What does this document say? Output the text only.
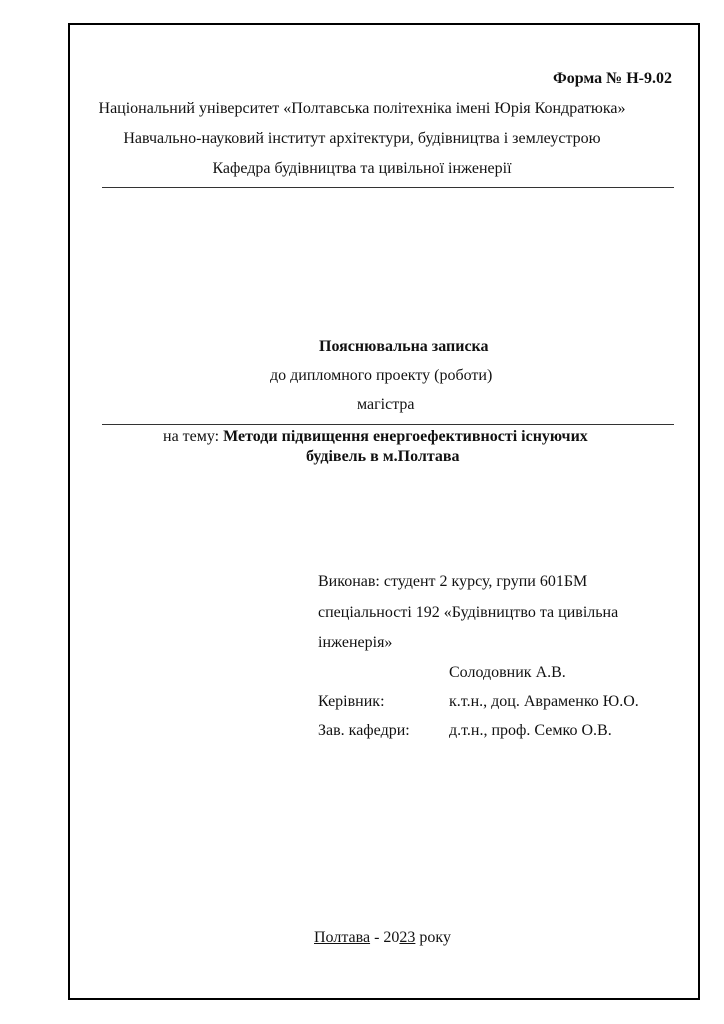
Форма № Н-9.02
Національний університет «Полтавська політехніка імені Юрія Кондратюка»
Навчально-науковий інститут архітектури, будівництва і землеустрою
Кафедра будівництва та цивільної інженерії
Пояснювальна записка
до дипломного проекту (роботи)
магістра
на тему: Методи підвищення енергоефективності існуючих
будівель в м.Полтава
Виконав: студент 2 курсу, групи 601БМ
спеціальності 192 «Будівництво та цивільна
інженерія»
Солодовник А.В.
Керівник:	к.т.н., доц. Авраменко Ю.О.
Зав. кафедри: д.т.н., проф. Семко О.В.
Полтава - 2023 року
